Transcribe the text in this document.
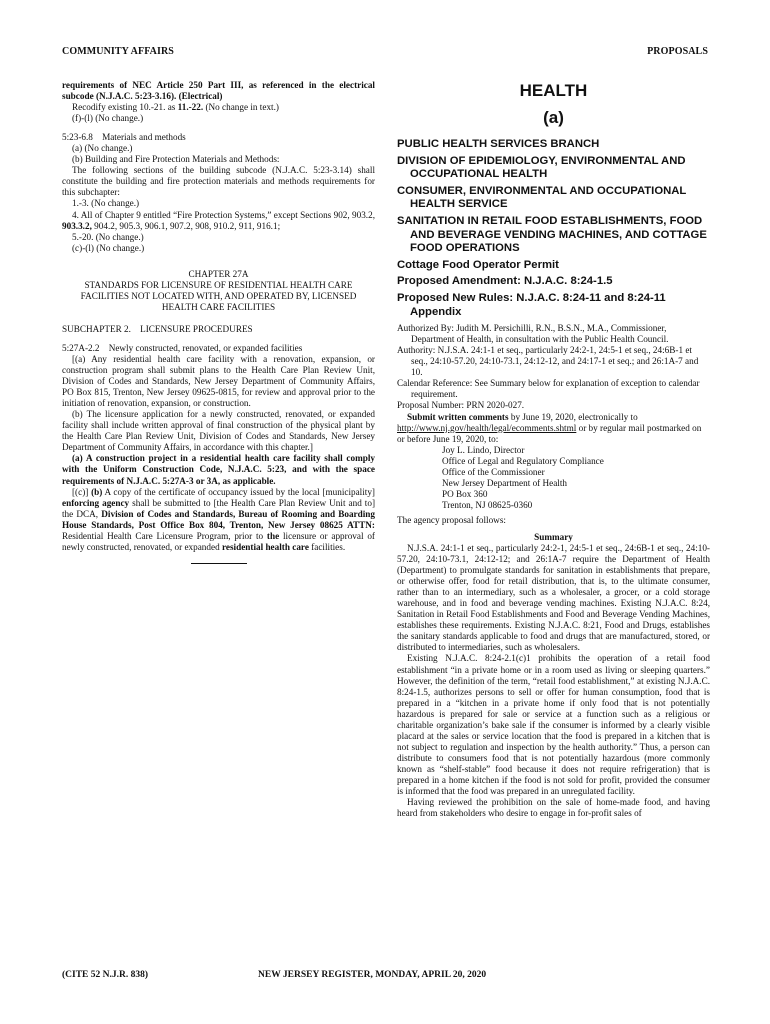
COMMUNITY AFFAIRS	PROPOSALS

requirements of NEC Article 250 Part III, as referenced in the electrical subcode (N.J.A.C. 5:23-3.16). (Electrical)

Recodify existing 10.-21. as 11.-22. (No change in text.)

(f)-(l) (No change.)

5:23-6.8 Materials and methods

(a) (No change.)

(b) Building and Fire Protection Materials and Methods:

The following sections of the building subcode (N.J.A.C. 5:23-3.14) shall constitute the building and fire protection materials and methods requirements for this subchapter:

1.-3. (No change.)

4. All of Chapter 9 entitled “Fire Protection Systems,” except Sections 902, 903.2, 903.3.2, 904.2, 905.3, 906.1, 907.2, 908, 910.2, 911, 916.1;

5.-20. (No change.)

(c)-(l) (No change.)

CHAPTER 27A

STANDARDS FOR LICENSURE OF RESIDENTIAL HEALTH CARE FACILITIES NOT LOCATED WITH, AND OPERATED BY, LICENSED HEALTH CARE FACILITIES

SUBCHAPTER 2. LICENSURE PROCEDURES

5:27A-2.2 Newly constructed, renovated, or expanded facilities

[(a) Any residential health care facility with a renovation, expansion, or construction program shall submit plans to the Health Care Plan Review Unit, Division of Codes and Standards, New Jersey Department of Community Affairs, PO Box 815, Trenton, New Jersey 09625-0815, for review and approval prior to the initiation of renovation, expansion, or construction.

(b) The licensure application for a newly constructed, renovated, or expanded facility shall include written approval of final construction of the physical plant by the Health Care Plan Review Unit, Division of Codes and Standards, New Jersey Department of Community Affairs, in accordance with this chapter.]

(a) A construction project in a residential health care facility shall comply with the Uniform Construction Code, N.J.A.C. 5:23, and with the space requirements of N.J.A.C. 5:27A-3 or 3A, as applicable.

[(c)] (b) A copy of the certificate of occupancy issued by the local [municipality] enforcing agency shall be submitted to [the Health Care Plan Review Unit and to] the DCA, Division of Codes and Standards, Bureau of Rooming and Boarding House Standards, Post Office Box 804, Trenton, New Jersey 08625 ATTN: Residential Health Care Licensure Program, prior to the licensure or approval of newly constructed, renovated, or expanded residential health care facilities.

HEALTH

(a)

PUBLIC HEALTH SERVICES BRANCH

DIVISION OF EPIDEMIOLOGY, ENVIRONMENTAL AND OCCUPATIONAL HEALTH

CONSUMER, ENVIRONMENTAL AND OCCUPATIONAL HEALTH SERVICE

SANITATION IN RETAIL FOOD ESTABLISHMENTS, FOOD AND BEVERAGE VENDING MACHINES, AND COTTAGE FOOD OPERATIONS

Cottage Food Operator Permit

Proposed Amendment: N.J.A.C. 8:24-1.5

Proposed New Rules: N.J.A.C. 8:24-11 and 8:24-11 Appendix

Authorized By: Judith M. Persichilli, R.N., B.S.N., M.A., Commissioner, Department of Health, in consultation with the Public Health Council.

Authority: N.J.S.A. 24:1-1 et seq., particularly 24:2-1, 24:5-1 et seq., 24:6B-1 et seq., 24:10-57.20, 24:10-73.1, 24:12-12, and 24:17-1 et seq.; and 26:1A-7 and 10.

Calendar Reference: See Summary below for explanation of exception to calendar requirement.

Proposal Number: PRN 2020-027.

Submit written comments by June 19, 2020, electronically to http://www.nj.gov/health/legal/ecomments.shtml or by regular mail postmarked on or before June 19, 2020, to:

Joy L. Lindo, Director

Office of Legal and Regulatory Compliance

Office of the Commissioner

New Jersey Department of Health

PO Box 360

Trenton, NJ 08625-0360

The agency proposal follows:

Summary

N.J.S.A. 24:1-1 et seq., particularly 24:2-1, 24:5-1 et seq., 24:6B-1 et seq., 24:10-57.20, 24:10-73.1, 24:12-12; and 26:1A-7 require the Department of Health (Department) to promulgate standards for sanitation in establishments that prepare, or otherwise offer, food for retail distribution, that is, to the ultimate consumer, rather than to an intermediary, such as a wholesaler, a grocer, or a cold storage warehouse, and in food and beverage vending machines. Existing N.J.A.C. 8:24, Sanitation in Retail Food Establishments and Food and Beverage Vending Machines, establishes these requirements. Existing N.J.A.C. 8:21, Food and Drugs, establishes the sanitary standards applicable to food and drugs that are manufactured, stored, or distributed to intermediaries, such as wholesalers.

Existing N.J.A.C. 8:24-2.1(c)1 prohibits the operation of a retail food establishment “in a private home or in a room used as living or sleeping quarters.” However, the definition of the term, “retail food establishment,” at existing N.J.A.C. 8:24-1.5, authorizes persons to sell or offer for human consumption, food that is prepared in a “kitchen in a private home if only food that is not potentially hazardous is prepared for sale or service at a function such as a religious or charitable organization’s bake sale if the consumer is informed by a clearly visible placard at the sales or service location that the food is prepared in a kitchen that is not subject to regulation and inspection by the health authority.” Thus, a person can distribute to consumers food that is not potentially hazardous (more commonly known as “shelf-stable” food because it does not require refrigeration) that is prepared in a home kitchen if the food is not sold for profit, provided the consumer is informed that the food was prepared in an unregulated facility.

Having reviewed the prohibition on the sale of home-made food, and having heard from stakeholders who desire to engage in for-profit sales of

(CITE 52 N.J.R. 838)	NEW JERSEY REGISTER, MONDAY, APRIL 20, 2020
